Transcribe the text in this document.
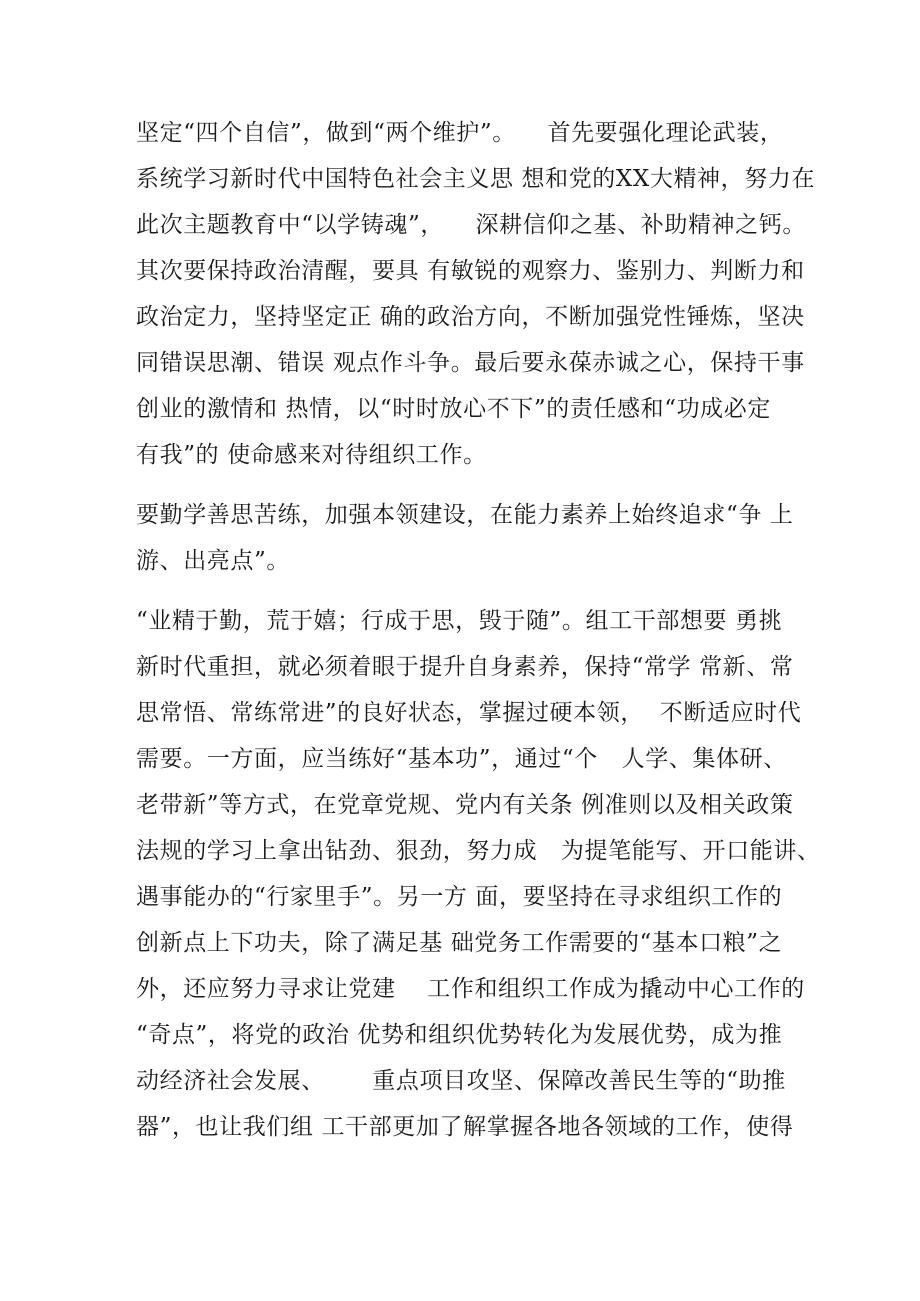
坚定“四个自信”，做到“两个维护”。    首先要强化理论武装，
系统学习新时代中国特色社会主义思 想和党的XX大精神，努力在
此次主题教育中“以学铸魂”，    深耕信仰之基、补助精神之钙。
其次要保持政治清醒，要具 有敏锐的观察力、鉴别力、判断力和
政治定力，坚持坚定正 确的政治方向，不断加强党性锤炼，坚决
同错误思潮、错误 观点作斗争。最后要永葆赤诚之心，保持干事
创业的激情和 热情，以“时时放心不下”的责任感和“功成必定
有我”的 使命感来对待组织工作。
要勤学善思苦练，加强本领建设，在能力素养上始终追求“争 上
游、出亮点”。
“业精于勤，荒于嬉；行成于思，毁于随”。组工干部想要 勇挑
新时代重担，就必须着眼于提升自身素养，保持“常学 常新、常
思常悟、常练常进”的良好状态，掌握过硬本领，  不断适应时代
需要。一方面，应当练好“基本功”，通过“个   人学、集体研、
老带新”等方式，在党章党规、党内有关条 例准则以及相关政策
法规的学习上拿出钻劲、狠劲，努力成   为提笔能写、开口能讲、
遇事能办的“行家里手”。另一方 面，要坚持在寻求组织工作的
创新点上下功夫，除了满足基 础党务工作需要的“基本口粮”之
外，还应努力寻求让党建    工作和组织工作成为撬动中心工作的
“奇点”，将党的政治 优势和组织优势转化为发展优势，成为推
动经济社会发展、      重点项目攻坚、保障改善民生等的“助推
器”，也让我们组 工干部更加了解掌握各地各领域的工作，使得
